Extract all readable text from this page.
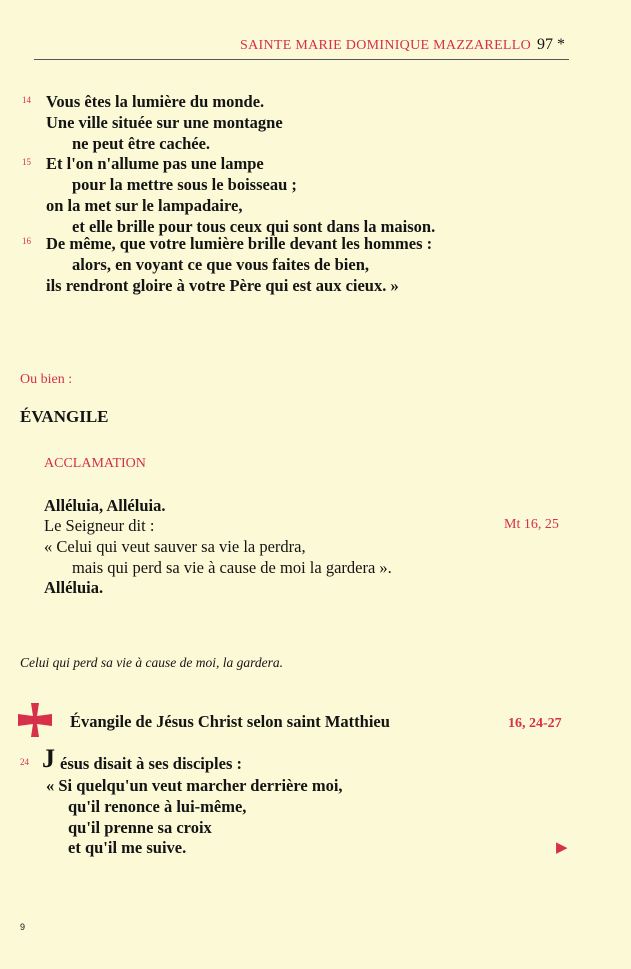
SAINTE MARIE DOMINIQUE MAZZARELLO 97 *
14 Vous êtes la lumière du monde.
Une ville située sur une montagne
ne peut être cachée.
15 Et l'on n'allume pas une lampe
pour la mettre sous le boisseau ;
on la met sur le lampadaire,
et elle brille pour tous ceux qui sont dans la maison.
16 De même, que votre lumière brille devant les hommes :
alors, en voyant ce que vous faites de bien,
ils rendront gloire à votre Père qui est aux cieux. »
Ou bien :
ÉVANGILE
ACCLAMATION
Alléluia, Alléluia.
Le Seigneur dit :	Mt 16, 25
« Celui qui veut sauver sa vie la perdra,
mais qui perd sa vie à cause de moi la gardera ».
Alléluia.
Celui qui perd sa vie à cause de moi, la gardera.
Évangile de Jésus Christ selon saint Matthieu	16, 24-27
24 J ésus disait à ses disciples :
« Si quelqu'un veut marcher derrière moi,
qu'il renonce à lui-même,
qu'il prenne sa croix
et qu'il me suive.	▶
9
